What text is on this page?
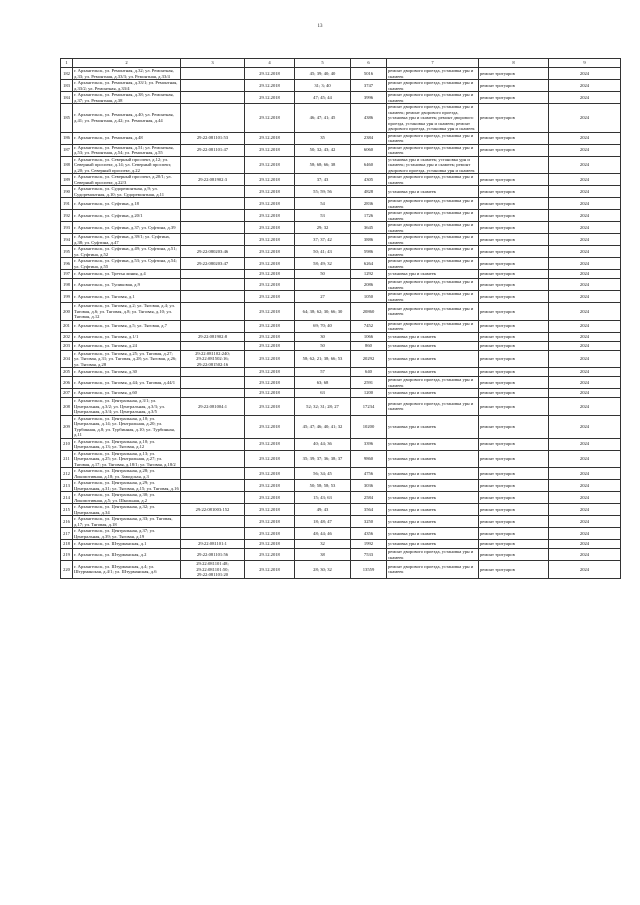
13
1	2	3	4	5	6	7	8	9
182	г. Архангельск, ул. Ремонтная, д.32; ул. Ремонтная, д.33; ул. Ремонтная, д.33/3; ул. Ремонтная, д.33/4		29.12.2018	45; 39; 40; 40	5016	ремонт дворового проезда, установка урн и скамеек	ремонт тротуаров	2024
183	г. Архангельск, ул. Ремонтная, д.33/1; ул. Ремонтная, д.33/2; ул. Ремонтная, д.33/4		29.12.2018	31; 3; 40	3747	ремонт дворового проезда, установка урн и скамеек	ремонт тротуаров	2024
184	г. Архангельск, ул. Ремонтная, д.38; ул. Ремонтная, д.37; ул. Ремонтная, д.38		29.12.2018	47; 45; 44	3996	ремонт дворового проезда, установка урн и скамеек	ремонт тротуаров	2024
185	г. Архангельск, ул. Ремонтная, д.40; ул. Ремонтная, д.41; ул. Ремонтная, д.42; ул. Ремонтная, д.44		29.12.2018	46; 47; 41; 45	4386	ремонт дворового проезда, установка урн и скамеек; ремонт дворового проезда, установка урн и скамеек; ремонт дворового проезда, установка урн и скамеек; ремонт дворового проезда, установка урн и скамеек	ремонт тротуаров	2024
186	г. Архангельск, ул. Ремонтная, д.48	29:22:081101:53	29.12.2018	35	2384	ремонт дворового проезда, установка урн и скамеек	ремонт тротуаров	2024
187	г. Архангельск, ул. Ремонтная, д.51; ул. Ремонтная, д.53; ул. Ремонтная, д.54; ул. Ремонтная, д.55	29:22:081101:47	29.12.2018	50; 32; 43; 42	6060	ремонт дворового проезда, установка урн и скамеек	ремонт тротуаров	2024
188	г. Архангельск, ул. Северный проспект, д.12; ул. Северный проспект, д.14; ул. Северный проспект, д.20; ул. Северный проспект, д.22		29.12.2018	58; 68; 66; 38	6460	установка урн и скамеек; установка урн и скамеек; установка урн и скамеек; ремонт дворового проезда, установка урн и скамеек		2024
189	г. Архангельск, ул. Северный проспект, д.20/1; ул. Северный проспект, д.22/3	29:22:081902:3	29.12.2018	37; 43	4305	ремонт дворового проезда, установка урн и скамеек	ремонт тротуаров	2024
190	г. Архангельск, ул. Судоремонтная, д.9; ул. Судоремонтная, д.10; ул. Судоремонтная, д.11		29.12.2018	55; 59; 56	4828	установка урн и скамеек	ремонт тротуаров	2024
191	г. Архангельск, ул. Суфтина, д.18		29.12.2018	54	2836	ремонт дворового проезда, установка урн и скамеек	ремонт тротуаров	2024
192	г. Архангельск, ул. Суфтина, д.20/1		29.12.2018	53	1726	ремонт дворового проезда, установка урн и скамеек	ремонт тротуаров	2024
193	г. Архангельск, ул. Суфтина, д.37; ул. Суфтина, д.39		29.12.2018	29; 32	3645	ремонт дворового проезда, установка урн и скамеек	ремонт тротуаров	2024
194	г. Архангельск, ул. Суфтина, д.39/1; ул. Суфтина, д.38; ул. Суфтина, д.47		29.12.2018	37; 37; 42	3886	ремонт дворового проезда, установка урн и скамеек	ремонт тротуаров	2024
195	г. Архангельск, ул. Суфтина, д.49; ул. Суфтина, д.51; ул. Суфтина, д.52	29:22:080203:46	29.12.2018	50; 41; 43	5986	ремонт дворового проезда, установка урн и скамеек	ремонт тротуаров	2024
196	г. Архангельск, ул. Суфтина, д.53; ул. Суфтина, д.54; ул. Суфтина, д.55	29:22:080203:47	29.12.2018	58; 49; 32	6264	ремонт дворового проезда, установка урн и скамеек	ремонт тротуаров	2024
197	г. Архангельск, ул. Третья линия, д.4		29.12.2018	50	1292	установка урн и скамеек	ремонт тротуаров	2024
198	г. Архангельск, ул. Тупиковая, д.9		29.12.2018		2086	ремонт дворового проезда, установка урн и скамеек	ремонт тротуаров	2024
199	г. Архангельск, ул. Тяговая, д.1		29.12.2018	27	1050	ремонт дворового проезда, установка урн и скамеек	ремонт тротуаров	2024
200	г. Архангельск, ул. Тяговая, д.2; ул. Тяговая, д.4; ул. Тяговая, д.6; ул. Тяговая, д.8; ул. Тяговая, д.10; ул. Тяговая, д.12		29.12.2018	64; 38; 62; 30; 66; 30	20860	ремонт дворового проезда, установка урн и скамеек	ремонт тротуаров	2024
201	г. Архангельск, ул. Тяговая, д.5; ул. Тяговая, д.7		29.12.2018	69; 70; 40	7452	ремонт дворового проезда, установка урн и скамеек	ремонт тротуаров	2024
202	г. Архангельск, ул. Тяговая, д.1/1	29:22:081902:8	29.12.2018	30	1066	установка урн и скамеек	ремонт тротуаров	2024
203	г. Архангельск, ул. Тяговая, д.24		29.12.2018	50	860	установка урн и скамеек	ремонт тротуаров	2024
204	г. Архангельск, ул. Тяговая, д.25; ул. Тяговая, д.27; ул. Тяговая, д.31; ул. Тяговая, д.28; ул. Тяговая, д.26; ул. Тяговая, д.28	29:22:081102:240; 29:22:081502:16; 29:22:081502:16	29.12.2018	58; 62; 21; 38; 66; 53	20292	установка урн и скамеек	ремонт тротуаров	2024
205	г. Архангельск, ул. Тяговая, д.30		29.12.2018	57	640	установка урн и скамеек	ремонт тротуаров	2024
206	г. Архангельск, ул. Тяговая, д.44; ул. Тяговая, д.44/1		29.12.2018	63; 68	2591	ремонт дворового проезда, установка урн и скамеек	ремонт тротуаров	2024
207	г. Архангельск, ул. Тяговая, д.60		29.12.2018	63	1200	установка урн и скамеек	ремонт тротуаров	2024
208	г. Архангельск, ул. Центральная, д.3/1; ул. Центральная, д.3/2; ул. Центральная, д.3/3; ул. Центральная, д.3/4; ул. Центральная, д.3/5	29:22:081004:1	29.12.2018	52; 32; 31; 28; 27	17234	ремонт дворового проезда, установка урн и скамеек	ремонт тротуаров	2024
209	г. Архангельск, ул. Центральная, д.10; ул. Центральная, д.14; ул. Центральная, д.20; ул. Турбинная, д.8; ул. Турбинная, д.10; ул. Турбинная, д.11		29.12.2018	45; 47; 46; 40; 41; 32	10200	установка урн и скамеек	ремонт тротуаров	2024
210	г. Архангельск, ул. Центральная, д.10; ул. Центральная, д.13; ул. Тяговая, д.12		29.12.2018	40; 44; 36	3396	установка урн и скамеек	ремонт тротуаров	2024
211	г. Архангельск, ул. Центральная, д.13; ул. Центральная, д.25; ул. Центральная, д.27; ул. Тяговая, д.17; ул. Тяговая, д.18/1; ул. Тяговая, д.18/2		29.12.2018	35; 39; 37; 36; 38; 37	9860	установка урн и скамеек	ремонт тротуаров	2024
212	г. Архангельск, ул. Центральная, д.28; ул. Локомотивная, д.18; ул. Заводская, д.3		29.12.2018	56; 34; 45	4756	установка урн и скамеек	ремонт тротуаров	2024
213	г. Архангельск, ул. Центральная, д.29; ул. Центральная, д.31; ул. Тяговая, д.15; ул. Тяговая, д.16		29.12.2018	50; 58; 58; 53	3036	установка урн и скамеек	ремонт тротуаров	2024
214	г. Архангельск, ул. Центральная, д.30; ул. Локомотивная, д.5; ул. Школьная, д.2		29.12.2018	15; 43; 63	2584	установка урн и скамеек	ремонт тротуаров	2024
215	г. Архангельск, ул. Центральная, д.32; ул. Центральная, д.34	29:22:081003:152	29.12.2018	49; 43	3564	установка урн и скамеек	ремонт тротуаров	2024
216	г. Архангельск, ул. Центральная, д.33; ул. Тяговая, д.17; ул. Тяговая, д.18		29.12.2018	18; 48; 47	3250	установка урн и скамеек	ремонт тротуаров	2024
217	г. Архангельск, ул. Центральная, д.37; ул. Центральная, д.39; ул. Тяговая, д.19		29.12.2018	48; 44; 46	4356	установка урн и скамеек	ремонт тротуаров	2024
218	г. Архангельск, ул. Штурманская, д.1	29:22:081101:1	29.12.2018	32	1992	установка урн и скамеек	ремонт тротуаров	2024
219	г. Архангельск, ул. Штурманская, д.2	29:22:081101:56	29.12.2018	38	7533	ремонт дворового проезда, установка урн и скамеек	ремонт тротуаров	2024
220	г. Архангельск, ул. Штурманская, д.4; ул. Штурманская, д.4/1; ул. Штурманская, д.6	29:22:081101:48; 29:22:081101:50; 29:22:081101:20	29.12.2018	28; 30; 32	13559	ремонт дворового проезда, установка урн и скамеек	ремонт тротуаров	2024
